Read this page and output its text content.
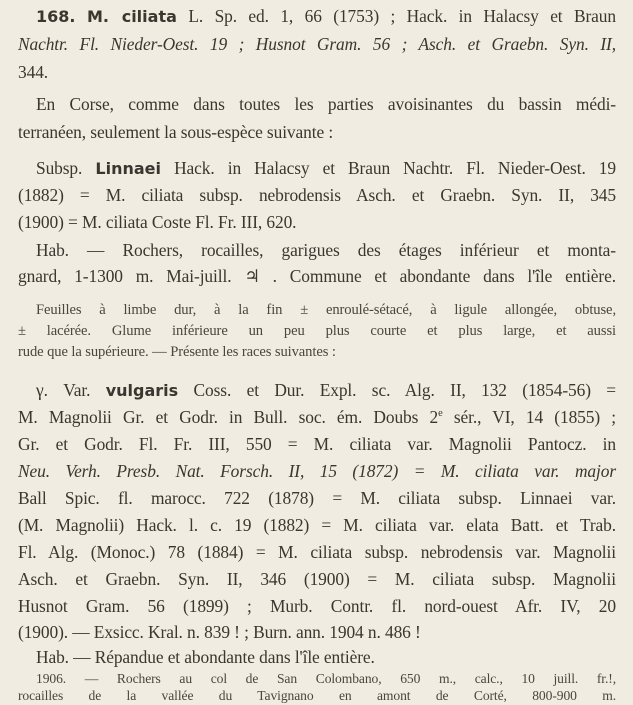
168. M. ciliata L. Sp. ed. 1, 66 (1753) ; Hack. in Halacsy et Braun
Nachtr. Fl. Nieder-Oest. 19 ; Husnot Gram. 56 ; Asch. et Graebn. Syn. II,
344.
En Corse, comme dans toutes les parties avoisinantes du bassin médi-
terranéen, seulement la sous-espèce suivante :
Subsp. Linnaei Hack. in Halacsy et Braun Nachtr. Fl. Nieder-Oest. 19
(1882) = M. ciliata subsp. nebrodensis Asch. et Graebn. Syn. II, 345
(1900) = M. ciliata Coste Fl. Fr. III, 620.
Hab. — Rochers, rocailles, garigues des étages inférieur et monta-
gnard, 1-1300 m. Mai-juill. ♃ . Commune et abondante dans l'île entière.
Feuilles à limbe dur, à la fin ± enroulé-sétacé, à ligule allongée, obtuse,
± lacérée. Glume inférieure un peu plus courte et plus large, et aussi
rude que la supérieure. — Présente les races suivantes :
γ. Var. vulgaris Coss. et Dur. Expl. sc. Alg. II, 132 (1854-56) =
M. Magnolii Gr. et Godr. in Bull. soc. ém. Doubs 2e sér., VI, 14 (1855) ;
Gr. et Godr. Fl. Fr. III, 550 = M. ciliata var. Magnolii Pantocz. in
Neu. Verh. Presb. Nat. Forsch. II, 15 (1872) = M. ciliata var. major
Ball Spic. fl. marocc. 722 (1878) = M. ciliata subsp. Linnaei var.
(M. Magnolii) Hack. l. c. 19 (1882) = M. ciliata var. elata Batt. et Trab.
Fl. Alg. (Monoc.) 78 (1884) = M. ciliata subsp. nebrodensis var. Magnolii
Asch. et Graebn. Syn. II, 346 (1900) = M. ciliata subsp. Magnolii
Husnot Gram. 56 (1899) ; Murb. Contr. fl. nord-ouest Afr. IV, 20
(1900). — Exsicc. Kral. n. 839 ! ; Burn. ann. 1904 n. 486 !
Hab. — Répandue et abondante dans l'île entière.
1906. — Rochers au col de San Colombano, 650 m., calc., 10 juill. fr.!,
rocailles de la vallée du Tavignano en amont de Corté, 800-900 m.
